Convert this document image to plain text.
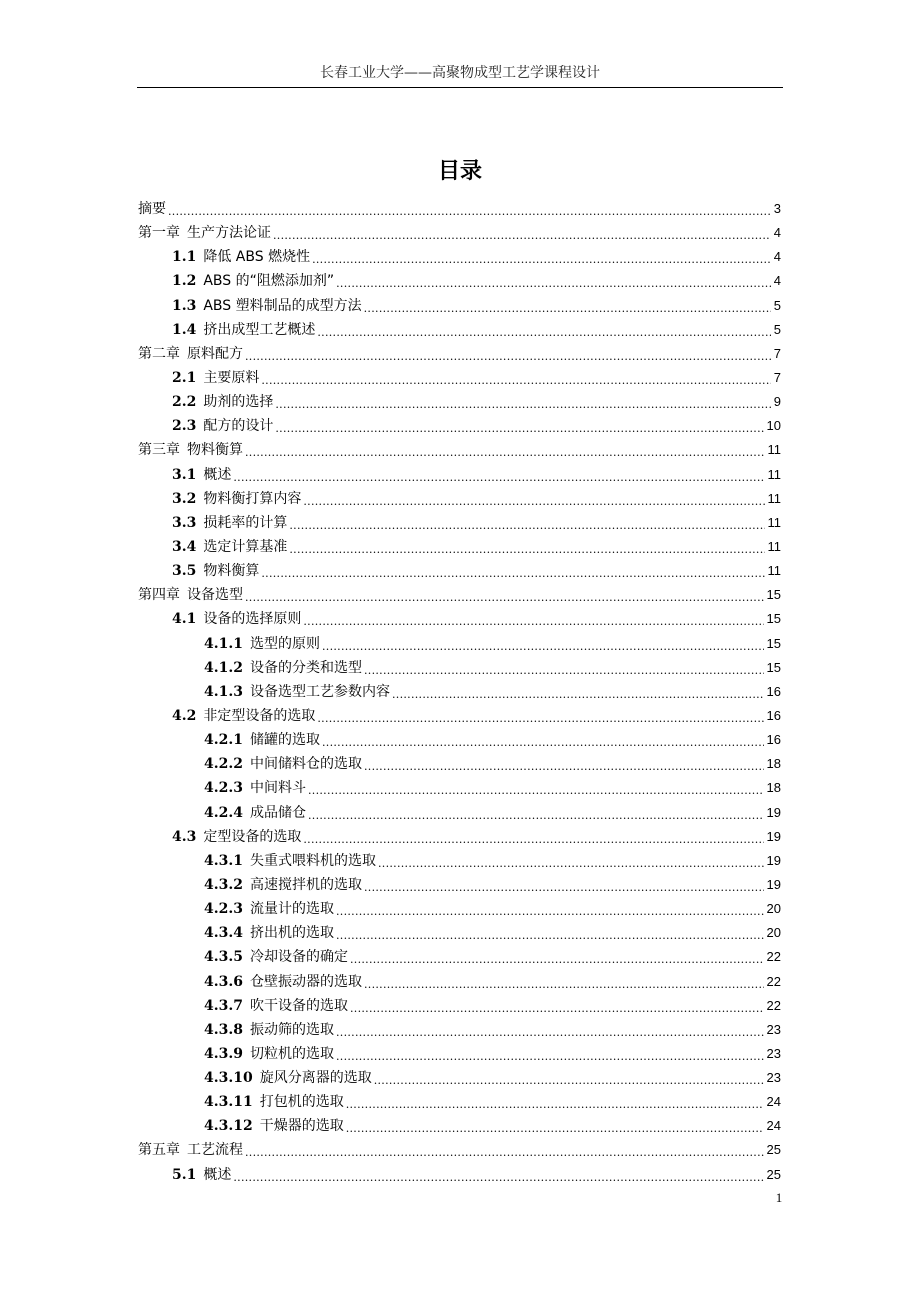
长春工业大学——高聚物成型工艺学课程设计
目录
摘要 . . .	3
第一章 生产方法论证 . . .	4
1.1 降低 ABS 燃烧性 . . .	4
1.2 ABS 的“阻燃添加剂” . . .	4
1.3 ABS 塑料制品的成型方法 . . .	5
1.4 挤出成型工艺概述 . . .	5
第二章 原料配方 . . .	7
2.1 主要原料 . . .	7
2.2 助剂的选择 . . .	9
2.3 配方的设计 . . .	10
第三章 物料衡算 . . .	11
3.1 概述 . . .	11
3.2 物料衡打算内容 . . .	11
3.3 损耗率的计算 . . .	11
3.4 选定计算基准 . . .	11
3.5 物料衡算 . . .	11
第四章 设备选型 . . .	15
4.1 设备的选择原则 . . .	15
4.1.1 选型的原则 . . .	15
4.1.2 设备的分类和选型 . . .	15
4.1.3 设备选型工艺参数内容 . . .	16
4.2 非定型设备的选取 . . .	16
4.2.1 储罐的选取 . . .	16
4.2.2 中间储料仓的选取 . . .	18
4.2.3 中间料斗 . . .	18
4.2.4 成品储仓 . . .	19
4.3 定型设备的选取 . . .	19
4.3.1 失重式喂料机的选取 . . .	19
4.3.2 高速搅拌机的选取 . . .	19
4.2.3 流量计的选取 . . .	20
4.3.4 挤出机的选取 . . .	20
4.3.5 冷却设备的确定 . . .	22
4.3.6 仓壁振动器的选取 . . .	22
4.3.7 吹干设备的选取 . . .	22
4.3.8 振动筛的选取 . . .	23
4.3.9 切粒机的选取 . . .	23
4.3.10 旋风分离器的选取 . . .	23
4.3.11 打包机的选取 . . .	24
4.3.12 干燥器的选取 . . .	24
第五章 工艺流程 . . .	25
5.1 概述 . . .	25
1
